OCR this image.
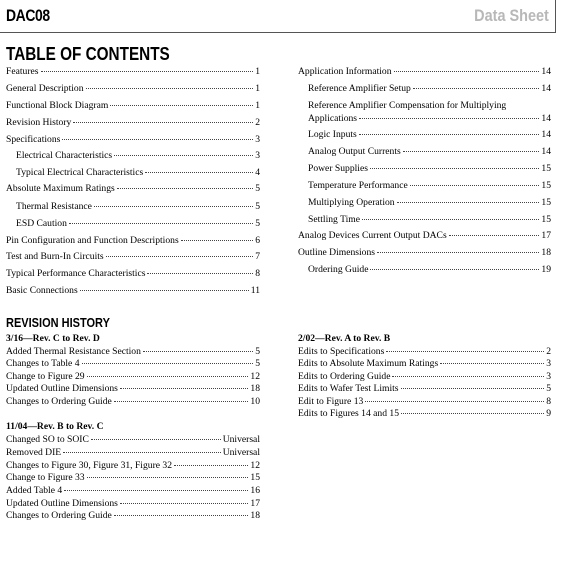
DAC08	Data Sheet
TABLE OF CONTENTS
Features	1
General Description	1
Functional Block Diagram	1
Revision History	2
Specifications	3
Electrical Characteristics	3
Typical Electrical Characteristics	4
Absolute Maximum Ratings	5
Thermal Resistance	5
ESD Caution	5
Pin Configuration and Function Descriptions	6
Test and Burn-In Circuits	7
Typical Performance Characteristics	8
Basic Connections	11
Application Information	14
Reference Amplifier Setup	14
Reference Amplifier Compensation for Multiplying
Applications	14
Logic Inputs	14
Analog Output Currents	14
Power Supplies	15
Temperature Performance	15
Multiplying Operation	15
Settling Time	15
Analog Devices Current Output DACs	17
Outline Dimensions	18
Ordering Guide	19
REVISION HISTORY
3/16—Rev. C to Rev. D
Added Thermal Resistance Section	5
Changes to Table 4	5
Change to Figure 29	12
Updated Outline Dimensions	18
Changes to Ordering Guide	10
11/04—Rev. B to Rev. C
Changed SO to SOIC	Universal
Removed DIE	Universal
Changes to Figure 30, Figure 31, Figure 32	12
Change to Figure 33	15
Added Table 4	16
Updated Outline Dimensions	17
Changes to Ordering Guide	18
2/02—Rev. A to Rev. B
Edits to Specifications	2
Edits to Absolute Maximum Ratings	3
Edits to Ordering Guide	3
Edits to Wafer Test Limits	5
Edit to Figure 13	8
Edits to Figures 14 and 15	9
